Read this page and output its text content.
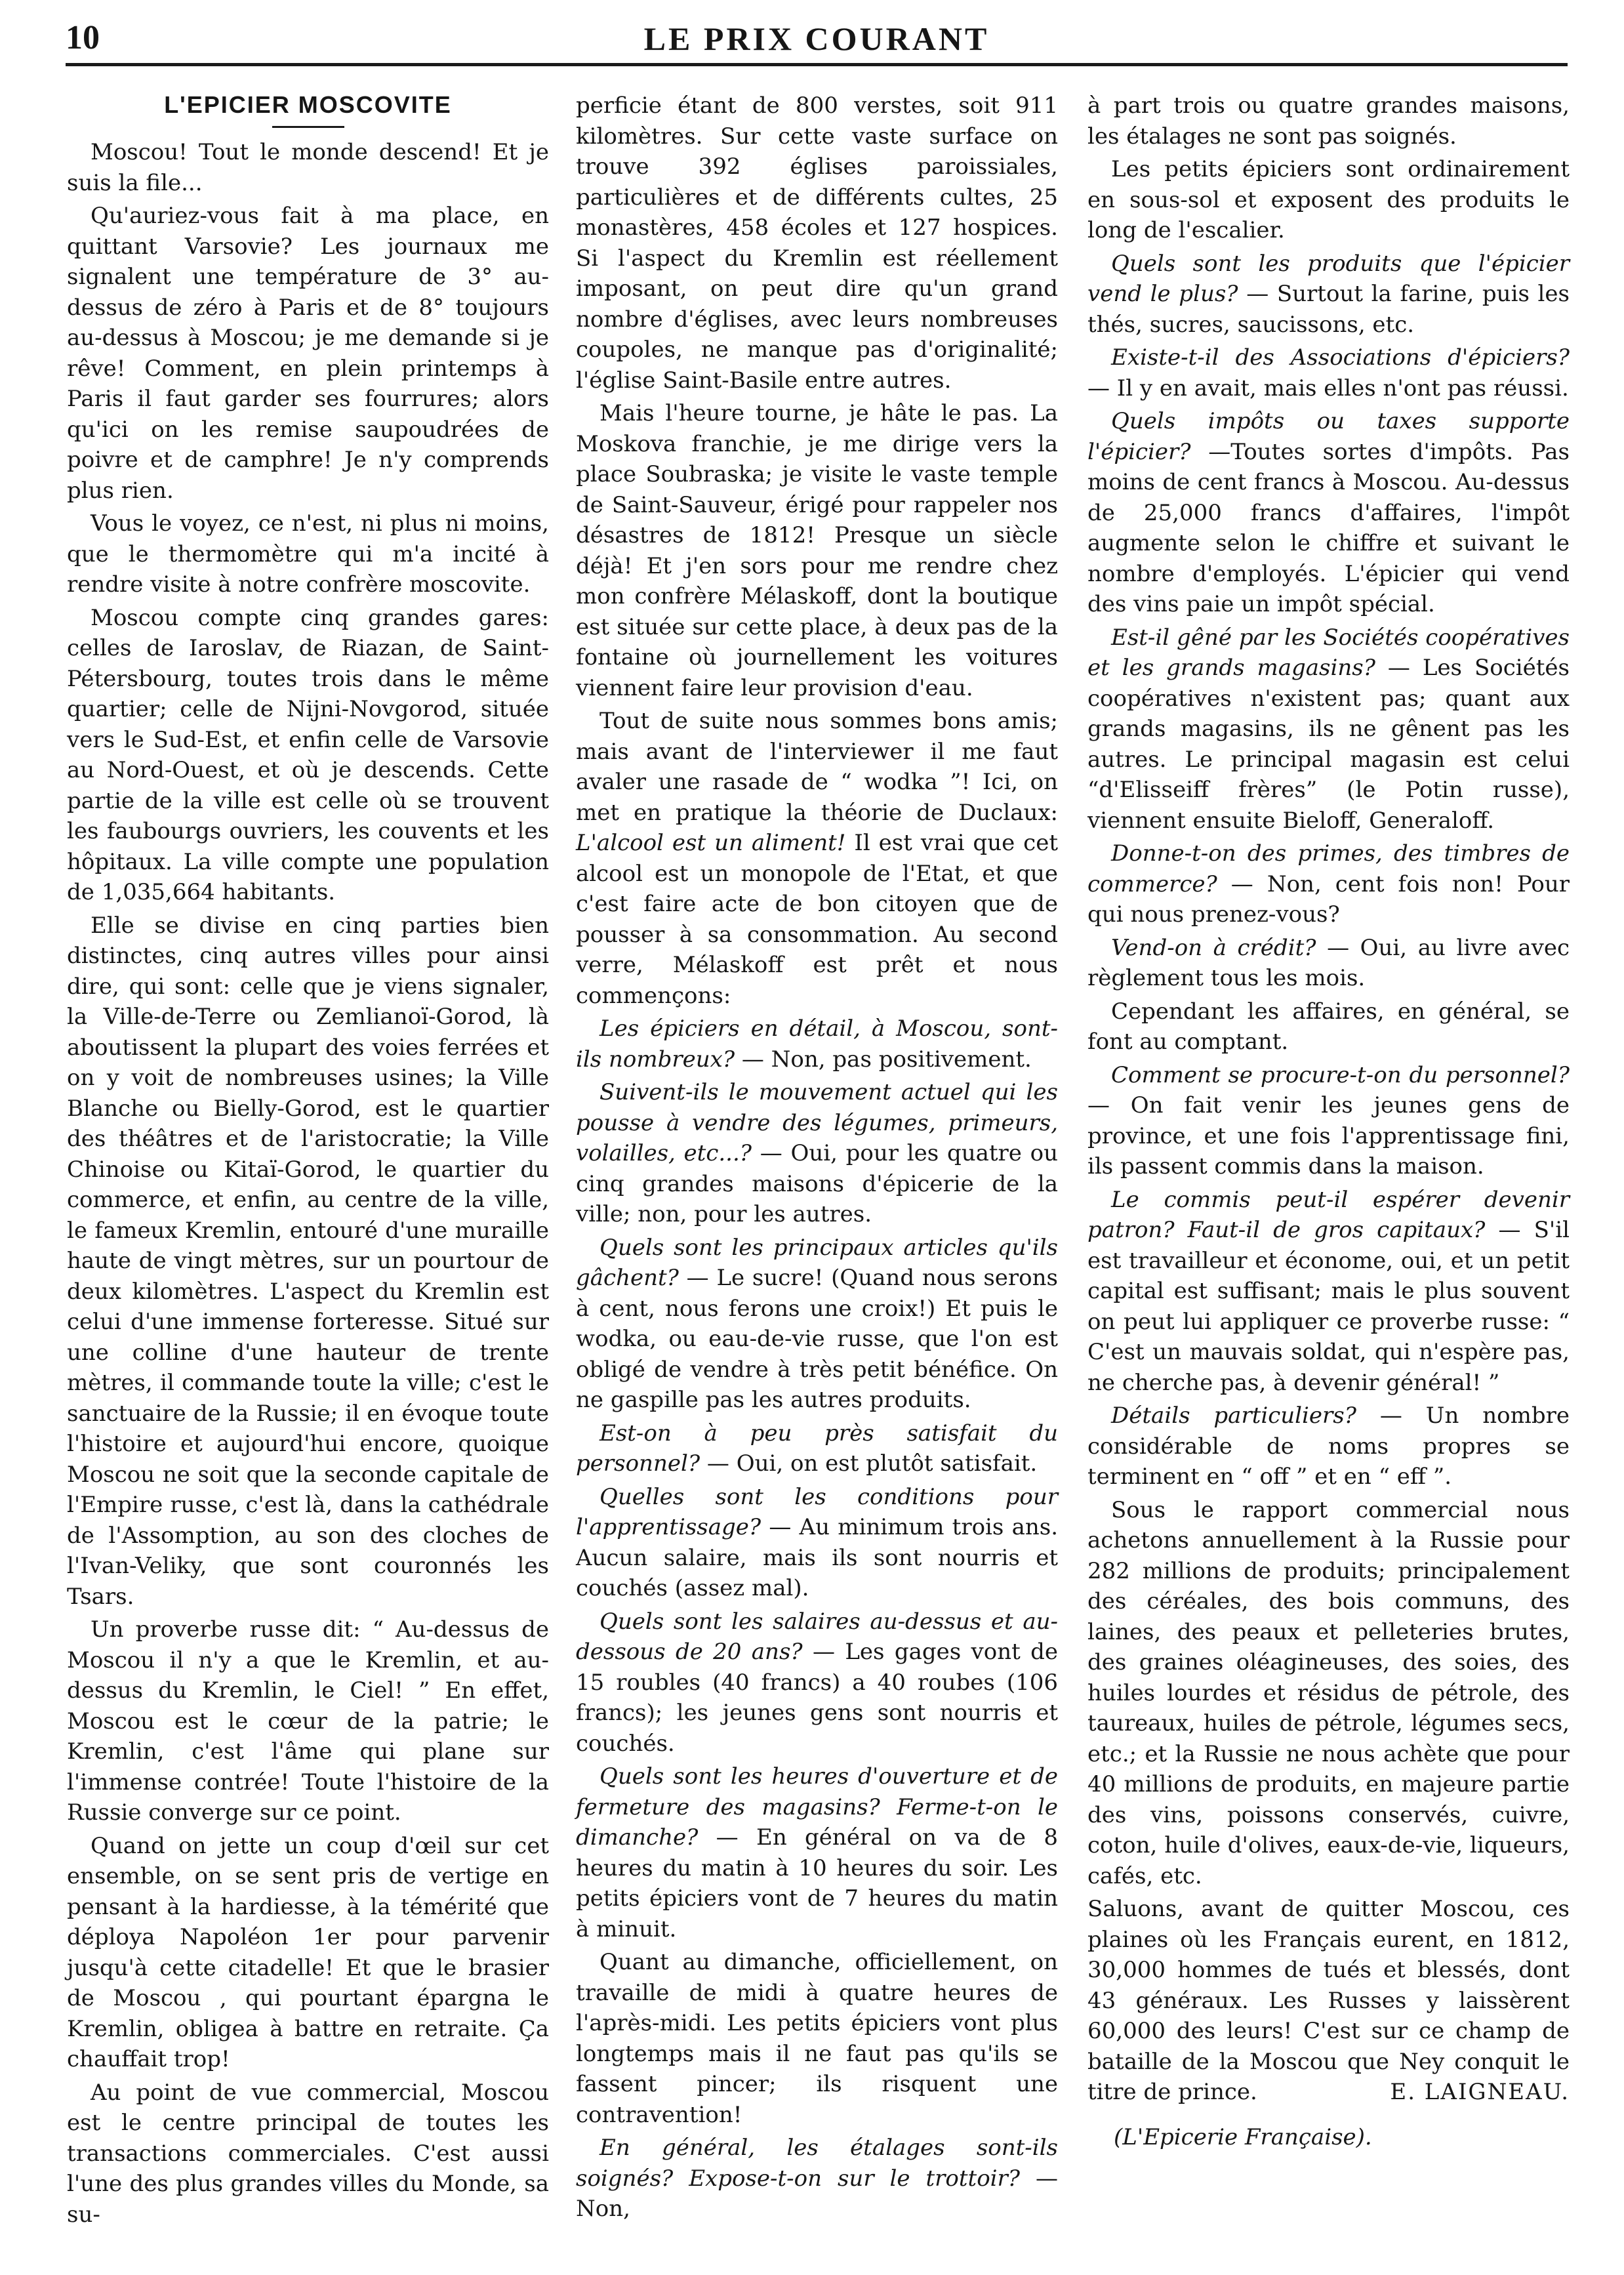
10	LE PRIX COURANT
L'EPICIER MOSCOVITE

Moscou! Tout le monde descend! Et je suis la file...

Qu'auriez-vous fait à ma place, en quittant Varsovie? Les journaux me signalent une température de 3° au-dessus de zéro à Paris et de 8° toujours au-dessus à Moscou; je me demande si je rêve! Comment, en plein printemps à Paris il faut garder ses fourrures; alors qu'ici on les remise saupoudrées de poivre et de camphre! Je n'y comprends plus rien.

Vous le voyez, ce n'est, ni plus ni moins, que le thermomètre qui m'a incité à rendre visite à notre confrère moscovite.

Moscou compte cinq grandes gares: celles de Iaroslav, de Riazan, de Saint-Pétersbourg, toutes trois dans le même quartier; celle de Nijni-Novgorod, située vers le Sud-Est, et enfin celle de Varsovie au Nord-Ouest, et où je descends. Cette partie de la ville est celle où se trouvent les faubourgs ouvriers, les couvents et les hôpitaux. La ville compte une population de 1,035,664 habitants.

Elle se divise en cinq parties bien distinctes, cinq autres villes pour ainsi dire, qui sont: celle que je viens signaler, la Ville-de-Terre ou Zemlianoï-Gorod, là aboutissent la plupart des voies ferrées et on y voit de nombreuses usines; la Ville Blanche ou Bielly-Gorod, est le quartier des théâtres et de l'aristocratie; la Ville Chinoise ou Kitaï-Gorod, le quartier du commerce, et enfin, au centre de la ville, le fameux Kremlin, entouré d'une muraille haute de vingt mètres, sur un pourtour de deux kilomètres. L'aspect du Kremlin est celui d'une immense forteresse. Situé sur une colline d'une hauteur de trente mètres, il commande toute la ville; c'est le sanctuaire de la Russie; il en évoque toute l'histoire et aujourd'hui encore, quoique Moscou ne soit que la seconde capitale de l'Empire russe, c'est là, dans la cathédrale de l'Assomption, au son des cloches de l'Ivan-Veliky, que sont couronnés les Tsars.

Un proverbe russe dit: “ Au-dessus de Moscou il n'y a que le Kremlin, et au-dessus du Kremlin, le Ciel! ” En effet, Moscou est le cœur de la patrie; le Kremlin, c'est l'âme qui plane sur l'immense contrée! Toute l'histoire de la Russie converge sur ce point.

Quand on jette un coup d'œil sur cet ensemble, on se sent pris de vertige en pensant à la hardiesse, à la témérité que déploya Napoléon 1er pour parvenir jusqu'à cette citadelle! Et que le brasier de Moscou , qui pourtant épargna le Kremlin, obligea à battre en retraite. Ça chauffait trop!

Au point de vue commercial, Moscou est le centre principal de toutes les transactions commerciales. C'est aussi l'une des plus grandes villes du Monde, sa su-

perficie étant de 800 verstes, soit 911 kilomètres. Sur cette vaste surface on trouve 392 églises paroissiales, particulières et de différents cultes, 25 monastères, 458 écoles et 127 hospices. Si l'aspect du Kremlin est réellement imposant, on peut dire qu'un grand nombre d'églises, avec leurs nombreuses coupoles, ne manque pas d'originalité; l'église Saint-Basile entre autres.

Mais l'heure tourne, je hâte le pas. La Moskova franchie, je me dirige vers la place Soubraska; je visite le vaste temple de Saint-Sauveur, érigé pour rappeler nos désastres de 1812! Presque un siècle déjà! Et j'en sors pour me rendre chez mon confrère Mélaskoff, dont la boutique est située sur cette place, à deux pas de la fontaine où journellement les voitures viennent faire leur provision d'eau.

Tout de suite nous sommes bons amis; mais avant de l'interviewer il me faut avaler une rasade de “ wodka ”! Ici, on met en pratique la théorie de Duclaux: L'alcool est un aliment! Il est vrai que cet alcool est un monopole de l'Etat, et que c'est faire acte de bon citoyen que de pousser à sa consommation. Au second verre, Mélaskoff est prêt et nous commençons:

Les épiciers en détail, à Moscou, sont-ils nombreux? — Non, pas positivement.

Suivent-ils le mouvement actuel qui les pousse à vendre des légumes, primeurs, volailles, etc...? — Oui, pour les quatre ou cinq grandes maisons d'épicerie de la ville; non, pour les autres.

Quels sont les principaux articles qu'ils gâchent? — Le sucre! (Quand nous serons à cent, nous ferons une croix!) Et puis le wodka, ou eau-de-vie russe, que l'on est obligé de vendre à très petit bénéfice. On ne gaspille pas les autres produits.

Est-on à peu près satisfait du personnel? — Oui, on est plutôt satisfait.

Quelles sont les conditions pour l'apprentissage? — Au minimum trois ans. Aucun salaire, mais ils sont nourris et couchés (assez mal).

Quels sont les salaires au-dessus et au-dessous de 20 ans? — Les gages vont de 15 roubles (40 francs) a 40 roubes (106 francs); les jeunes gens sont nourris et couchés.

Quels sont les heures d'ouverture et de fermeture des magasins? Ferme-t-on le dimanche? — En général on va de 8 heures du matin à 10 heures du soir. Les petits épiciers vont de 7 heures du matin à minuit.

Quant au dimanche, officiellement, on travaille de midi à quatre heures de l'après-midi. Les petits épiciers vont plus longtemps mais il ne faut pas qu'ils se fassent pincer; ils risquent une contravention!

En général, les étalages sont-ils soignés? Expose-t-on sur le trottoir? — Non,

à part trois ou quatre grandes maisons, les étalages ne sont pas soignés.

Les petits épiciers sont ordinairement en sous-sol et exposent des produits le long de l'escalier.

Quels sont les produits que l'épicier vend le plus? — Surtout la farine, puis les thés, sucres, saucissons, etc.

Existe-t-il des Associations d'épiciers? — Il y en avait, mais elles n'ont pas réussi.

Quels impôts ou taxes supporte l'épicier? —Toutes sortes d'impôts. Pas moins de cent francs à Moscou. Au-dessus de 25,000 francs d'affaires, l'impôt augmente selon le chiffre et suivant le nombre d'employés. L'épicier qui vend des vins paie un impôt spécial.

Est-il gêné par les Sociétés coopératives et les grands magasins? — Les Sociétés coopératives n'existent pas; quant aux grands magasins, ils ne gênent pas les autres. Le principal magasin est celui “d'Elisseiff frères” (le Potin russe), viennent ensuite Bieloff, Generaloff.

Donne-t-on des primes, des timbres de commerce? — Non, cent fois non! Pour qui nous prenez-vous?

Vend-on à crédit? — Oui, au livre avec règlement tous les mois.

Cependant les affaires, en général, se font au comptant.

Comment se procure-t-on du personnel? — On fait venir les jeunes gens de province, et une fois l'apprentissage fini, ils passent commis dans la maison.

Le commis peut-il espérer devenir patron? Faut-il de gros capitaux? — S'il est travailleur et économe, oui, et un petit capital est suffisant; mais le plus souvent on peut lui appliquer ce proverbe russe: “ C'est un mauvais soldat, qui n'espère pas, ne cherche pas, à devenir général! ”

Détails particuliers? — Un nombre considérable de noms propres se terminent en “ off ” et en “ eff ”.

Sous le rapport commercial nous achetons annuellement à la Russie pour 282 millions de produits; principalement des céréales, des bois communs, des laines, des peaux et pelleteries brutes, des graines oléagineuses, des soies, des huiles lourdes et résidus de pétrole, des taureaux, huiles de pétrole, légumes secs, etc.; et la Russie ne nous achète que pour 40 millions de produits, en majeure partie des vins, poissons conservés, cuivre, coton, huile d'olives, eaux-de-vie, liqueurs, cafés, etc.

Saluons, avant de quitter Moscou, ces plaines où les Français eurent, en 1812, 30,000 hommes de tués et blessés, dont 43 généraux. Les Russes y laissèrent 60,000 des leurs! C'est sur ce champ de bataille de la Moscou que Ney conquit le titre de prince.	E. LAIGNEAU.

(L'Epicerie Française).
